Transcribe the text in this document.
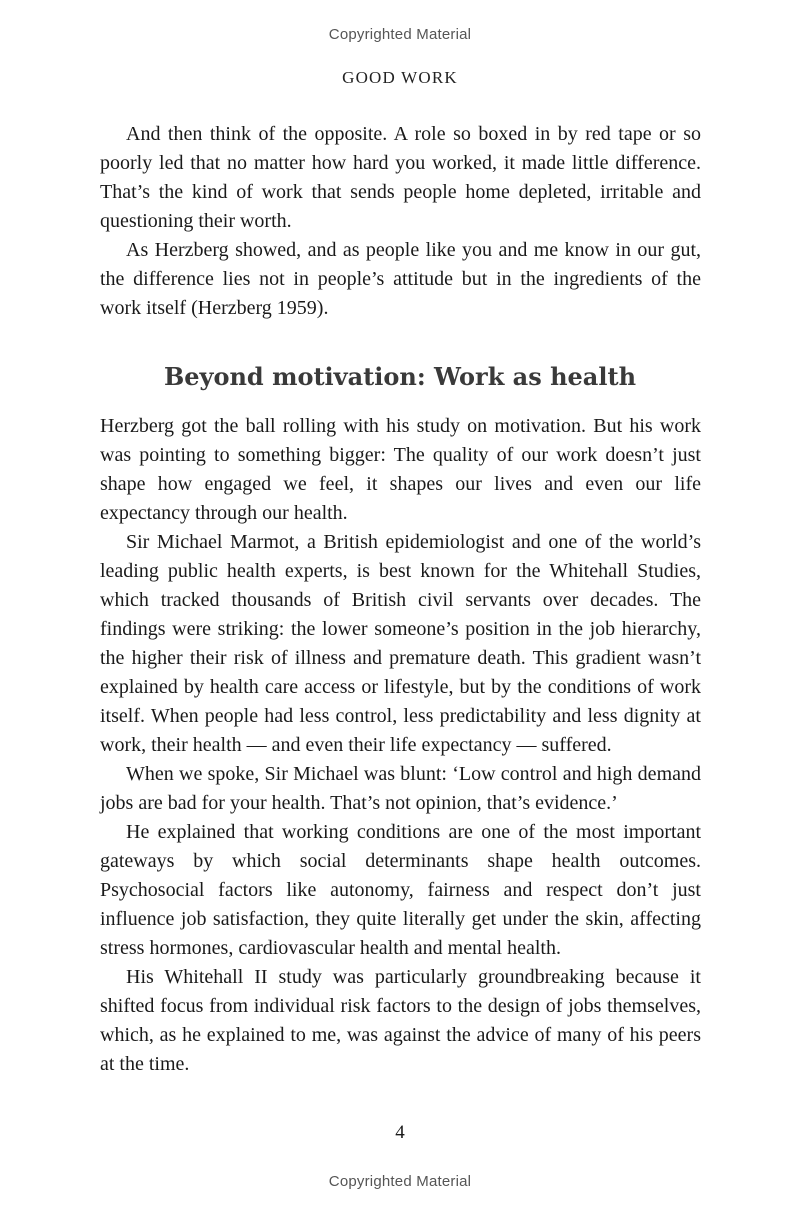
Copyrighted Material
GOOD WORK

And then think of the opposite. A role so boxed in by red tape or so poorly led that no matter how hard you worked, it made little difference. That’s the kind of work that sends people home depleted, irritable and questioning their worth.

As Herzberg showed, and as people like you and me know in our gut, the difference lies not in people’s attitude but in the ingredients of the work itself (Herzberg 1959).

Beyond motivation: Work as health

Herzberg got the ball rolling with his study on motivation. But his work was pointing to something bigger: The quality of our work doesn’t just shape how engaged we feel, it shapes our lives and even our life expectancy through our health.

Sir Michael Marmot, a British epidemiologist and one of the world’s leading public health experts, is best known for the Whitehall Studies, which tracked thousands of British civil servants over decades. The findings were striking: the lower someone’s position in the job hierarchy, the higher their risk of illness and premature death. This gradient wasn’t explained by health care access or lifestyle, but by the conditions of work itself. When people had less control, less predictability and less dignity at work, their health — and even their life expectancy — suffered.

When we spoke, Sir Michael was blunt: ‘Low control and high demand jobs are bad for your health. That’s not opinion, that’s evidence.’

He explained that working conditions are one of the most important gateways by which social determinants shape health outcomes. Psychosocial factors like autonomy, fairness and respect don’t just influence job satisfaction, they quite literally get under the skin, affecting stress hormones, cardiovascular health and mental health.

His Whitehall II study was particularly groundbreaking because it shifted focus from individual risk factors to the design of jobs themselves, which, as he explained to me, was against the advice of many of his peers at the time.

4
Copyrighted Material
